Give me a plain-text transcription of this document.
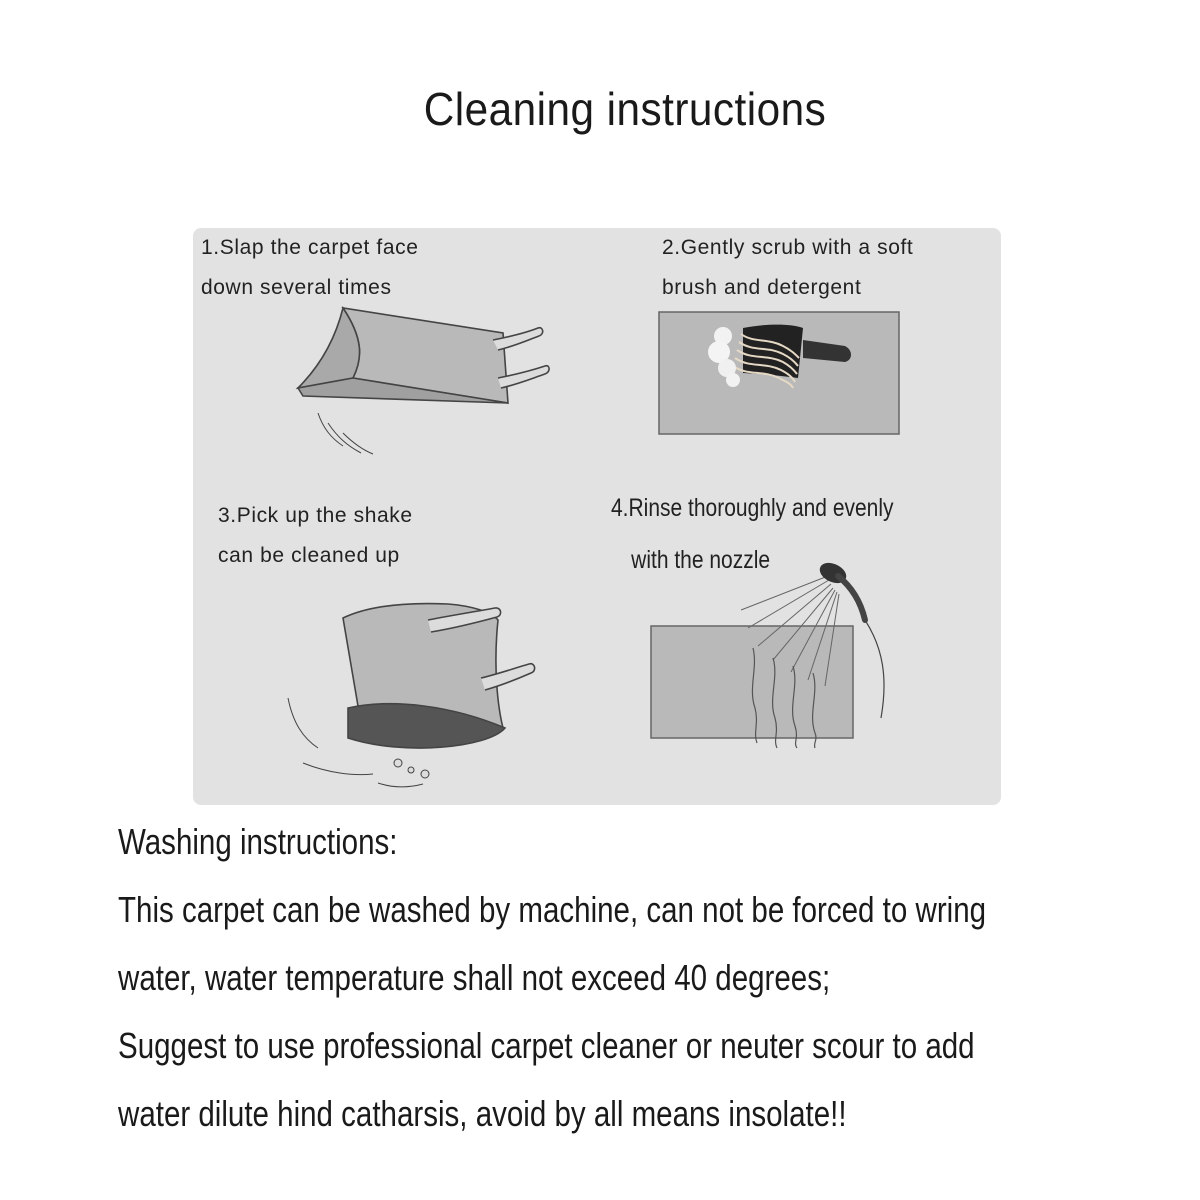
Cleaning instructions
1.Slap the carpet face
down several times
2.Gently scrub with a soft
brush and detergent
3.Pick up the shake
can be cleaned up
4.Rinse thoroughly and evenly
with the nozzle
Washing instructions:
This carpet can be washed by machine, can not be forced to wring
water, water temperature shall not exceed 40 degrees;
Suggest to use professional carpet cleaner or neuter scour to add
water dilute hind catharsis, avoid by all means insolate!!
